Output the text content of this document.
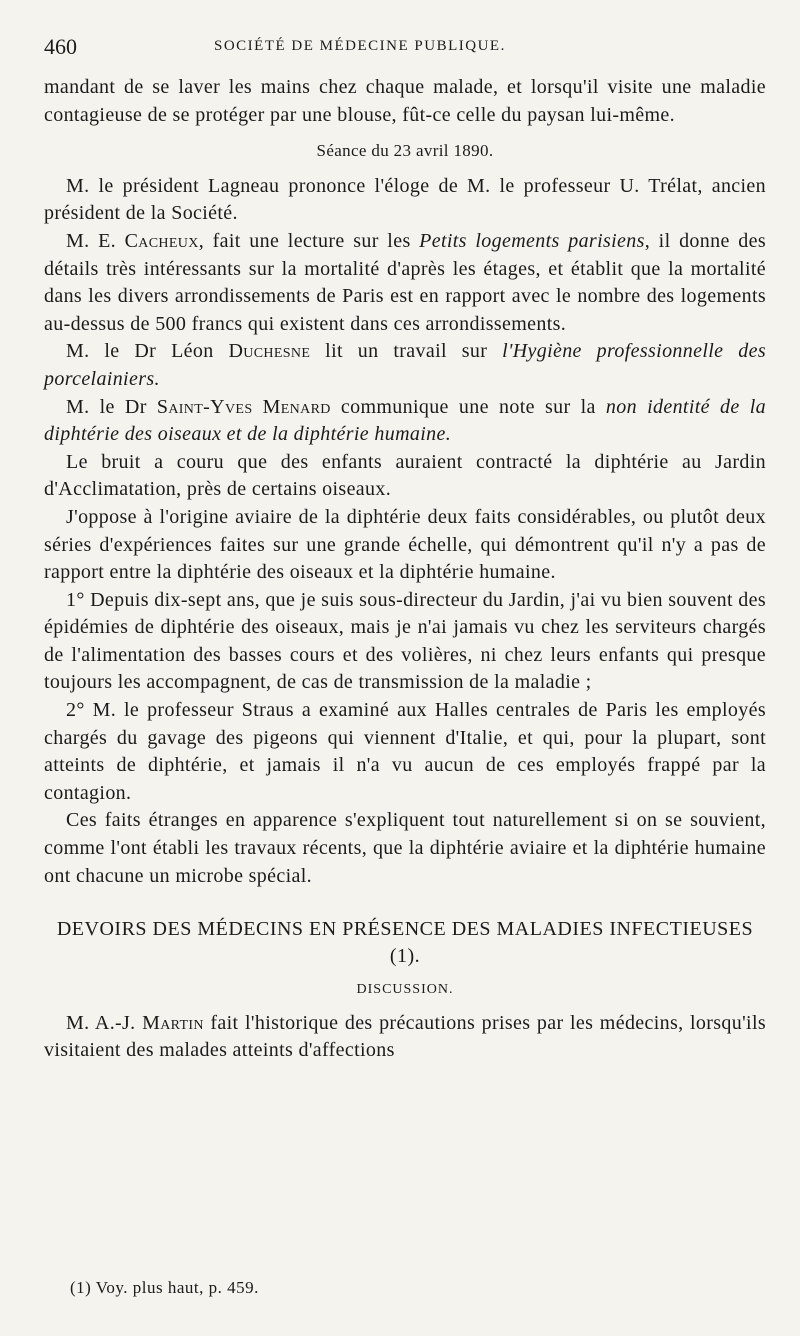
460	SOCIÉTÉ DE MÉDECINE PUBLIQUE.

mandant de se laver les mains chez chaque malade, et lorsqu'il visite une maladie contagieuse de se protéger par une blouse, fût-ce celle du paysan lui-même.

Séance du 23 avril 1890.

M. le président Lagneau prononce l'éloge de M. le professeur U. Trélat, ancien président de la Société.

M. E. Cacheux, fait une lecture sur les Petits logements parisiens, il donne des détails très intéressants sur la mortalité d'après les étages, et établit que la mortalité dans les divers arrondissements de Paris est en rapport avec le nombre des logements au-dessus de 500 francs qui existent dans ces arrondissements.

M. le Dr Léon Duchesne lit un travail sur l'Hygiène professionnelle des porcelainiers.

M. le Dr Saint-Yves Menard communique une note sur la non identité de la diphtérie des oiseaux et de la diphtérie humaine.

Le bruit a couru que des enfants auraient contracté la diphtérie au Jardin d'Acclimatation, près de certains oiseaux.

J'oppose à l'origine aviaire de la diphtérie deux faits considérables, ou plutôt deux séries d'expériences faites sur une grande échelle, qui démontrent qu'il n'y a pas de rapport entre la diphtérie des oiseaux et la diphtérie humaine.

1° Depuis dix-sept ans, que je suis sous-directeur du Jardin, j'ai vu bien souvent des épidémies de diphtérie des oiseaux, mais je n'ai jamais vu chez les serviteurs chargés de l'alimentation des basses cours et des volières, ni chez leurs enfants qui presque toujours les accompagnent, de cas de transmission de la maladie ;

2° M. le professeur Straus a examiné aux Halles centrales de Paris les employés chargés du gavage des pigeons qui viennent d'Italie, et qui, pour la plupart, sont atteints de diphtérie, et jamais il n'a vu aucun de ces employés frappé par la contagion.

Ces faits étranges en apparence s'expliquent tout naturellement si on se souvient, comme l'ont établi les travaux récents, que la diphtérie aviaire et la diphtérie humaine ont chacune un microbe spécial.

DEVOIRS DES MÉDECINS EN PRÉSENCE DES MALADIES INFECTIEUSES (1).

DISCUSSION.

M. A.-J. Martin fait l'historique des précautions prises par les médecins, lorsqu'ils visitaient des malades atteints d'affections

(1) Voy. plus haut, p. 459.
